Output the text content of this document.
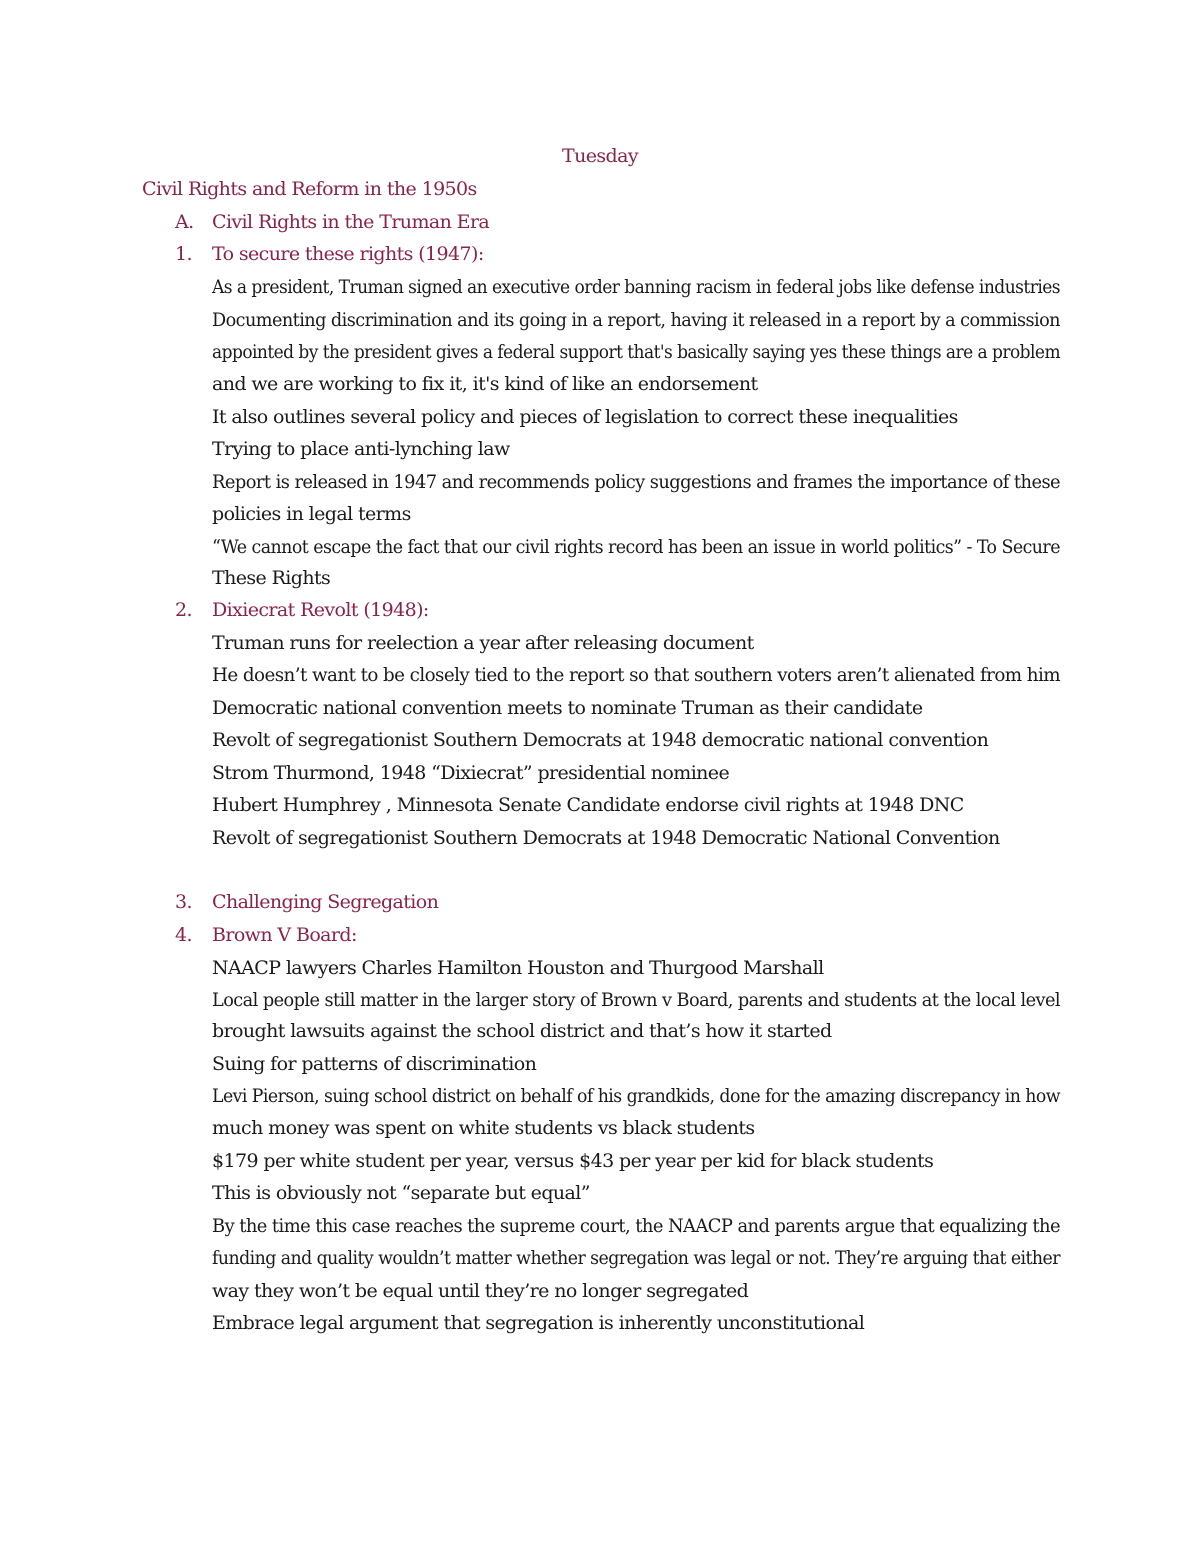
Tuesday
Civil Rights and Reform in the 1950s
A. Civil Rights in the Truman Era
1. To secure these rights (1947):
As a president, Truman signed an executive order banning racism in federal jobs like defense industries
Documenting discrimination and its going in a report, having it released in a report by a commission
appointed by the president gives a federal support that's basically saying yes these things are a problem
and we are working to fix it, it's kind of like an endorsement
It also outlines several policy and pieces of legislation to correct these inequalities
Trying to place anti-lynching law
Report is released in 1947 and recommends policy suggestions and frames the importance of these
policies in legal terms
“We cannot escape the fact that our civil rights record has been an issue in world politics” - To Secure
These Rights
2. Dixiecrat Revolt (1948):
Truman runs for reelection a year after releasing document
He doesn’t want to be closely tied to the report so that southern voters aren’t alienated from him
Democratic national convention meets to nominate Truman as their candidate
Revolt of segregationist Southern Democrats at 1948 democratic national convention
Strom Thurmond, 1948 “Dixiecrat” presidential nominee
Hubert Humphrey , Minnesota Senate Candidate endorse civil rights at 1948 DNC
Revolt of segregationist Southern Democrats at 1948 Democratic National Convention
3. Challenging Segregation
4. Brown V Board:
NAACP lawyers Charles Hamilton Houston and Thurgood Marshall
Local people still matter in the larger story of Brown v Board, parents and students at the local level
brought lawsuits against the school district and that’s how it started
Suing for patterns of discrimination
Levi Pierson, suing school district on behalf of his grandkids, done for the amazing discrepancy in how
much money was spent on white students vs black students
$179 per white student per year, versus $43 per year per kid for black students
This is obviously not “separate but equal”
By the time this case reaches the supreme court, the NAACP and parents argue that equalizing the
funding and quality wouldn’t matter whether segregation was legal or not. They’re arguing that either
way they won’t be equal until they’re no longer segregated
Embrace legal argument that segregation is inherently unconstitutional
